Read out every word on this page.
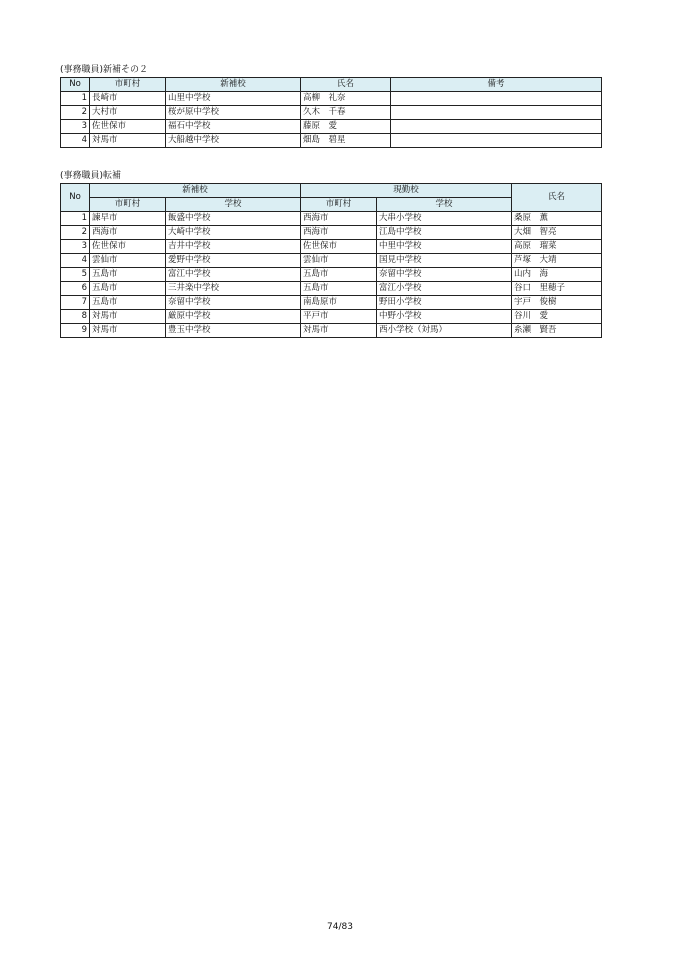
(事務職員)新補その２
No	市町村	新補校	氏名	備考
1	長崎市	山里中学校	高柳　礼奈	
2	大村市	桜が原中学校	久木　千春	
3	佐世保市	福石中学校	藤原　愛	
4	対馬市	大船越中学校	畑島　碧星	
(事務職員)転補
No	新補校		現勤校		氏名
	市町村	学校	市町村	学校	
1	諫早市	飯盛中学校	西海市	大串小学校	桑原　薫
2	西海市	大崎中学校	西海市	江島中学校	大畑　智亮
3	佐世保市	吉井中学校	佐世保市	中里中学校	高原　瑠菜
4	雲仙市	愛野中学校	雲仙市	国見中学校	芦塚　大靖
5	五島市	富江中学校	五島市	奈留中学校	山内　海
6	五島市	三井楽中学校	五島市	富江小学校	谷口　里穂子
7	五島市	奈留中学校	南島原市	野田小学校	宇戸　俊樹
8	対馬市	厳原中学校	平戸市	中野小学校	谷川　愛
9	対馬市	豊玉中学校	対馬市	西小学校（対馬）	糸瀬　賢吾
74/83
